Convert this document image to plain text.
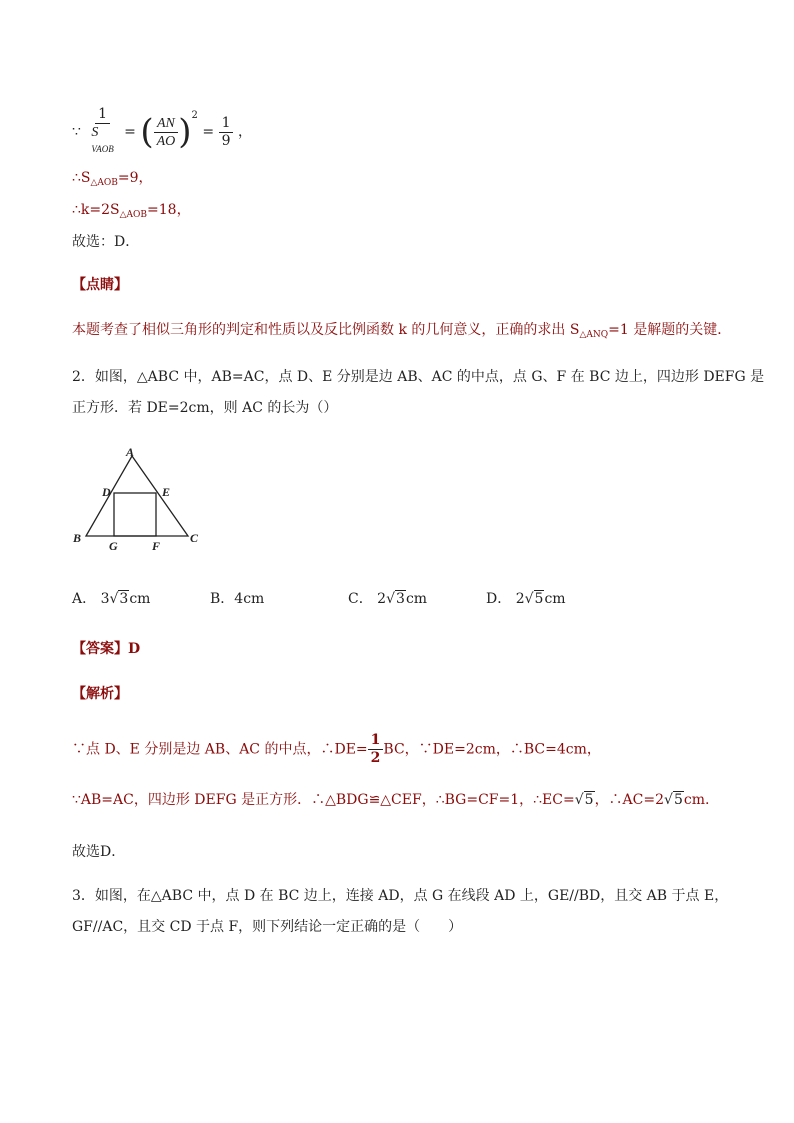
∵ 1
S
VAOB = ( $\frac{AN}{AO} )^2 = \frac{1}{9}$ ，
$\therefore S_{\triangle AOB}=9$，
$\therefore k=2S_{\triangle AOB}=18$，
故选：D．
【点睛】
本题考查了相似三角形的判定和性质以及反比例函数 k 的几何意义，正确的求出 $S_{\triangle ANQ}=1$ 是解题的关键．
2．如图，△ABC 中，AB=AC，点 D、E 分别是边 AB、AC 的中点，点 G、F 在 BC 边上，四边形 DEFG 是
正方形．若 DE=2cm，则 AC 的长为（）
A
D	E
B
G	F
C
A． 3√3cm	B．4cm	C． 2√3cm	D． 2√5cm
【答案】D
【解析】
∵点 D、E 分别是边 AB、AC 的中点，∴DE= $\frac{1}{2}$ BC，∵DE=2cm，∴BC=4cm，
∵AB=AC，四边形 DEFG 是正方形．∴△BDG≌△CEF，∴BG=CF=1，∴EC=√5，∴AC=2√5cm.
故选D．
3．如图，在△ABC 中，点 D 在 BC 边上，连接 AD，点 G 在线段 AD 上，GE//BD，且交 AB 于点 E，
GF//AC，且交 CD 于点 F，则下列结论一定正确的是（　　）
